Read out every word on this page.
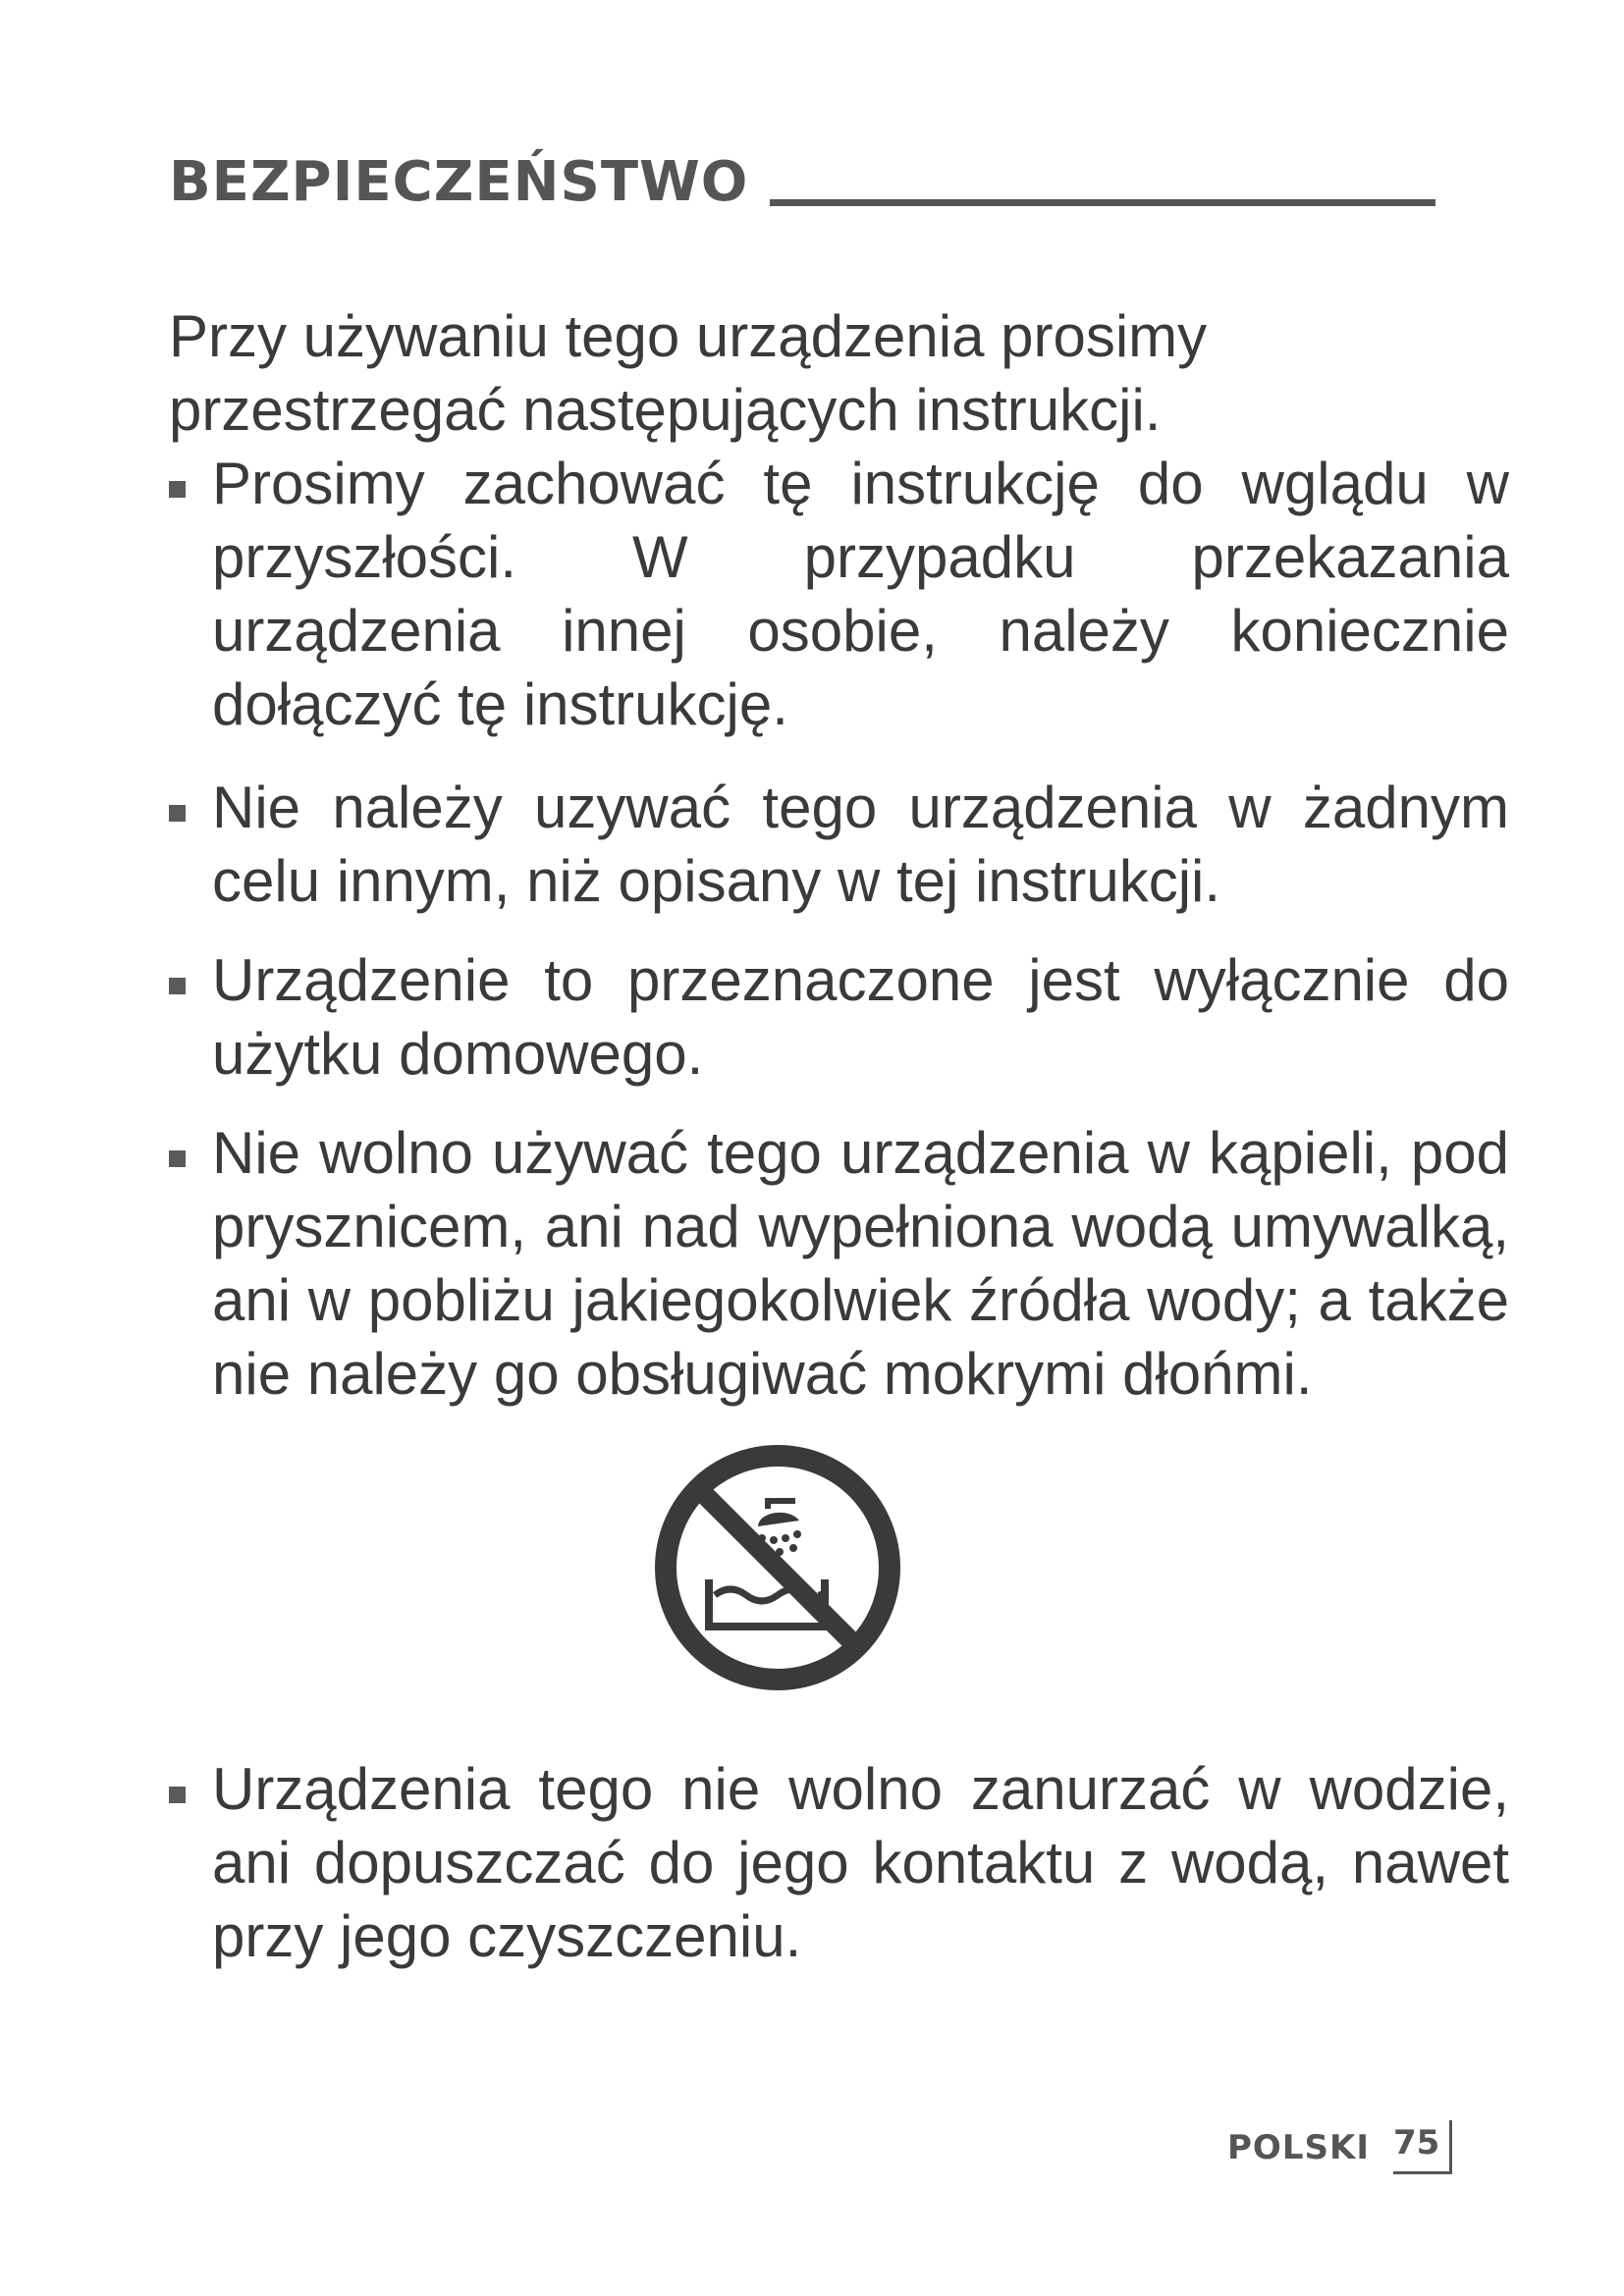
BEZPIECZEŃSTWO

Przy używaniu tego urządzenia prosimy przestrzegać następujących instrukcji.

Prosimy zachować tę instrukcję do wglądu w przyszłości. W przypadku przekazania urządzenia innej osobie, należy koniecznie dołączyć tę instrukcję.
Nie należy uzywać tego urządzenia w żadnym celu innym, niż opisany w tej instrukcji.
Urządzenie to przeznaczone jest wyłącznie do użytku domowego.
Nie wolno używać tego urządzenia w kąpieli, pod prysznicem, ani nad wypełniona wodą umywalką, ani w pobliżu jakiegokolwiek źródła wody; a także nie należy go obsługiwać mokrymi dłońmi.
Urządzenia tego nie wolno zanurzać w wodzie, ani dopuszczać do jego kontaktu z wodą, nawet przy jego czyszczeniu.
POLSKI 75
